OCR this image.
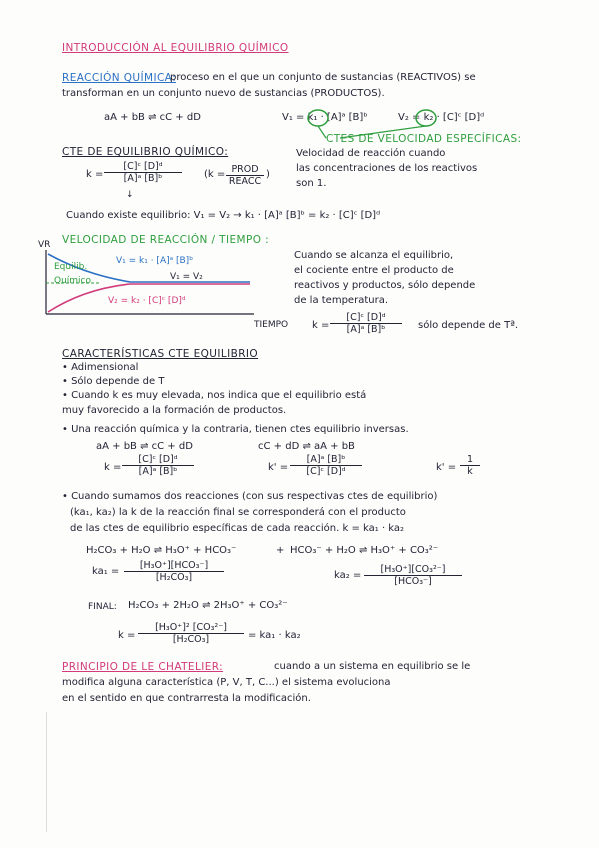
INTRODUCCIÓN AL EQUILIBRIO QUÍMICO
REACCIÓN QUÍMICA:
proceso en el que un conjunto de sustancias (REACTIVOS) se
transforman en un conjunto nuevo de sustancias (PRODUCTOS).
aA + bB ⇌ cC + dD	V₁ = k₁ · [A]ᵃ [B]ᵇ	V₂ = k₂ · [C]ᶜ [D]ᵈ
CTES DE VELOCIDAD ESPECÍFICAS:
Velocidad de reacción cuando
las concentraciones de los reactivos
son 1.
CTE DE EQUILIBRIO QUÍMICO:
$k = \frac{\text{[C]ᶜ [D]ᵈ}}{\text{[A]ᵃ [B]ᵇ}}$
↓
(k = PROD
REACC
)
Cuando existe equilibrio: V₁ = V₂ → k₁ · [A]ᵃ [B]ᵇ = k₂ · [C]ᶜ [D]ᵈ
VELOCIDAD DE REACCIÓN / TIEMPO :
VR
TIEMPO
Equilib.
Químico
V₁ = k₁ · [A]ᵃ [B]ᵇ
V₁ = V₂
V₂ = k₂ · [C]ᶜ [D]ᵈ
Cuando se alcanza el equilibrio,
el cociente entre el producto de
reactivos y productos, sólo depende
de la temperatura.
$k = \frac{\text{[C]ᶜ [D]ᵈ}}{\text{[A]ᵃ [B]ᵇ}}$ sólo depende de Tª.
CARACTERÍSTICAS CTE EQUILIBRIO
• Adimensional
• Sólo depende de T
• Cuando k es muy elevada, nos indica que el equilibrio está
muy favorecido a la formación de productos.
• Una reacción química y la contraria, tienen ctes equilibrio inversas.
aA + bB ⇌ cC + dD	cC + dD ⇌ aA + bB
$k = \frac{\text{[C]ᶜ [D]ᵈ}}{\text{[A]ᵃ [B]ᵇ}}$	$k' = \frac{\text{[A]ᵃ [B]ᵇ}}{\text{[C]ᶜ [D]ᵈ}}$	$k' = \frac{1}{k}$
• Cuando sumamos dos reacciones (con sus respectivas ctes de equilibrio)
(ka₁, ka₂) la k de la reacción final se corresponderá con el producto
de las ctes de equilibrio específicas de cada reacción. k = ka₁ · ka₂
H₂CO₃ + H₂O ⇌ H₃O⁺ + HCO₃⁻	+ HCO₃⁻ + H₂O ⇌ H₃O⁺ + CO₃²⁻
ka₁ =
[H₃O⁺][HCO₃⁻]
[H₂CO₃]	ka₂ =
[H₃O⁺][CO₃²⁻]
[HCO₃⁻]
FINAL: H₂CO₃ + 2H₂O ⇌ 2H₃O⁺ + CO₃²⁻
$k = \frac{\text{[H₃O⁺]² [CO₃²⁻]}}{\text{[H₂CO₃]}} = ka_1 \cdot ka_2$
PRINCIPIO DE LE CHATELIER:	cuando a un sistema en equilibrio se le
modifica alguna característica (P, V, T, C...) el sistema evoluciona
en el sentido en que contrarresta la modificación.
